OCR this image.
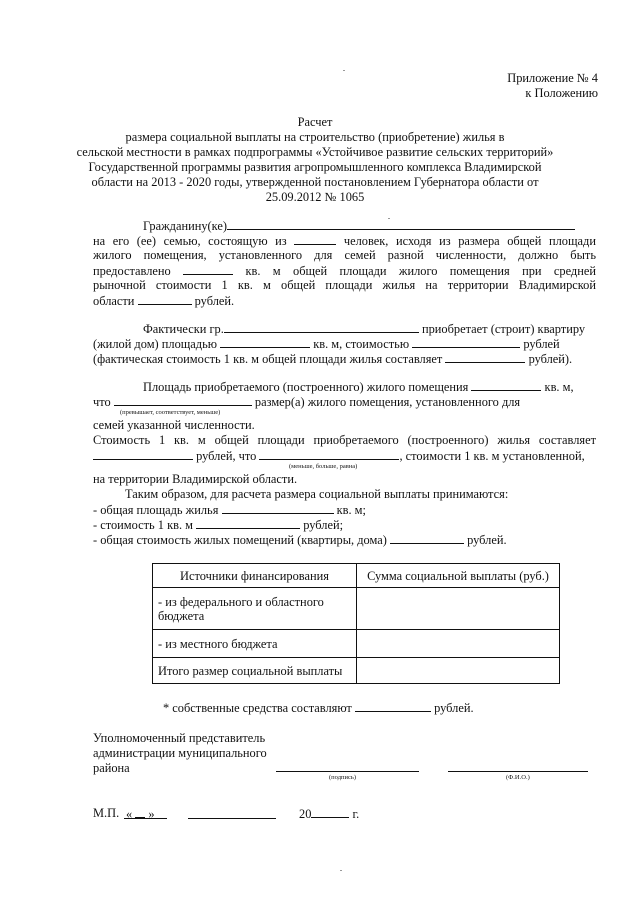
Приложение № 4
к Положению
Расчет
размера социальной выплаты на строительство (приобретение) жилья в
сельской местности в рамках подпрограммы «Устойчивое развитие сельских территорий»
Государственной программы развития агропромышленного комплекса Владимирской
области на 2013 - 2020 годы, утвержденной постановлением Губернатора области от
25.09.2012 № 1065
Гражданину(ке)
на его (ее) семью, состоящую из	человек, исходя из размера общей площади
жилого помещения, установленного для семей разной численности, должно быть
предоставлено	кв. м общей площади жилого помещения при средней
рыночной стоимости 1 кв. м общей площади жилья на территории Владимирской
области	рублей.
Фактически гр.	приобретает (строит) квартиру
(жилой дом) площадью	кв. м, стоимостью	рублей
(фактическая стоимость 1 кв. м общей площади жилья составляет	рублей).
Площадь приобретаемого (построенного) жилого помещения	кв. м,
что	размер(а) жилого помещения, установленного для
(превышает, соответствует, меньше)
семей указанной численности.
Стоимость 1 кв. м общей площади приобретаемого (построенного) жилья составляет
рублей, что	, стоимости 1 кв. м установленной,
(меньше, больше, равна)
на территории Владимирской области.
Таким образом, для расчета размера социальной выплаты принимаются:
- общая площадь жилья	кв. м;
- стоимость 1 кв. м	рублей;
- общая стоимость жилых помещений (квартиры, дома)	рублей.
Источники финансирования	Сумма социальной выплаты (руб.)
- из федерального и областного бюджета	
- из местного бюджета	
Итого размер социальной выплаты	
* собственные средства составляют	рублей.
Уполномоченный представитель
администрации муниципального
района
(подпись)	(Ф.И.О.)
М.П. « »	20	г.
